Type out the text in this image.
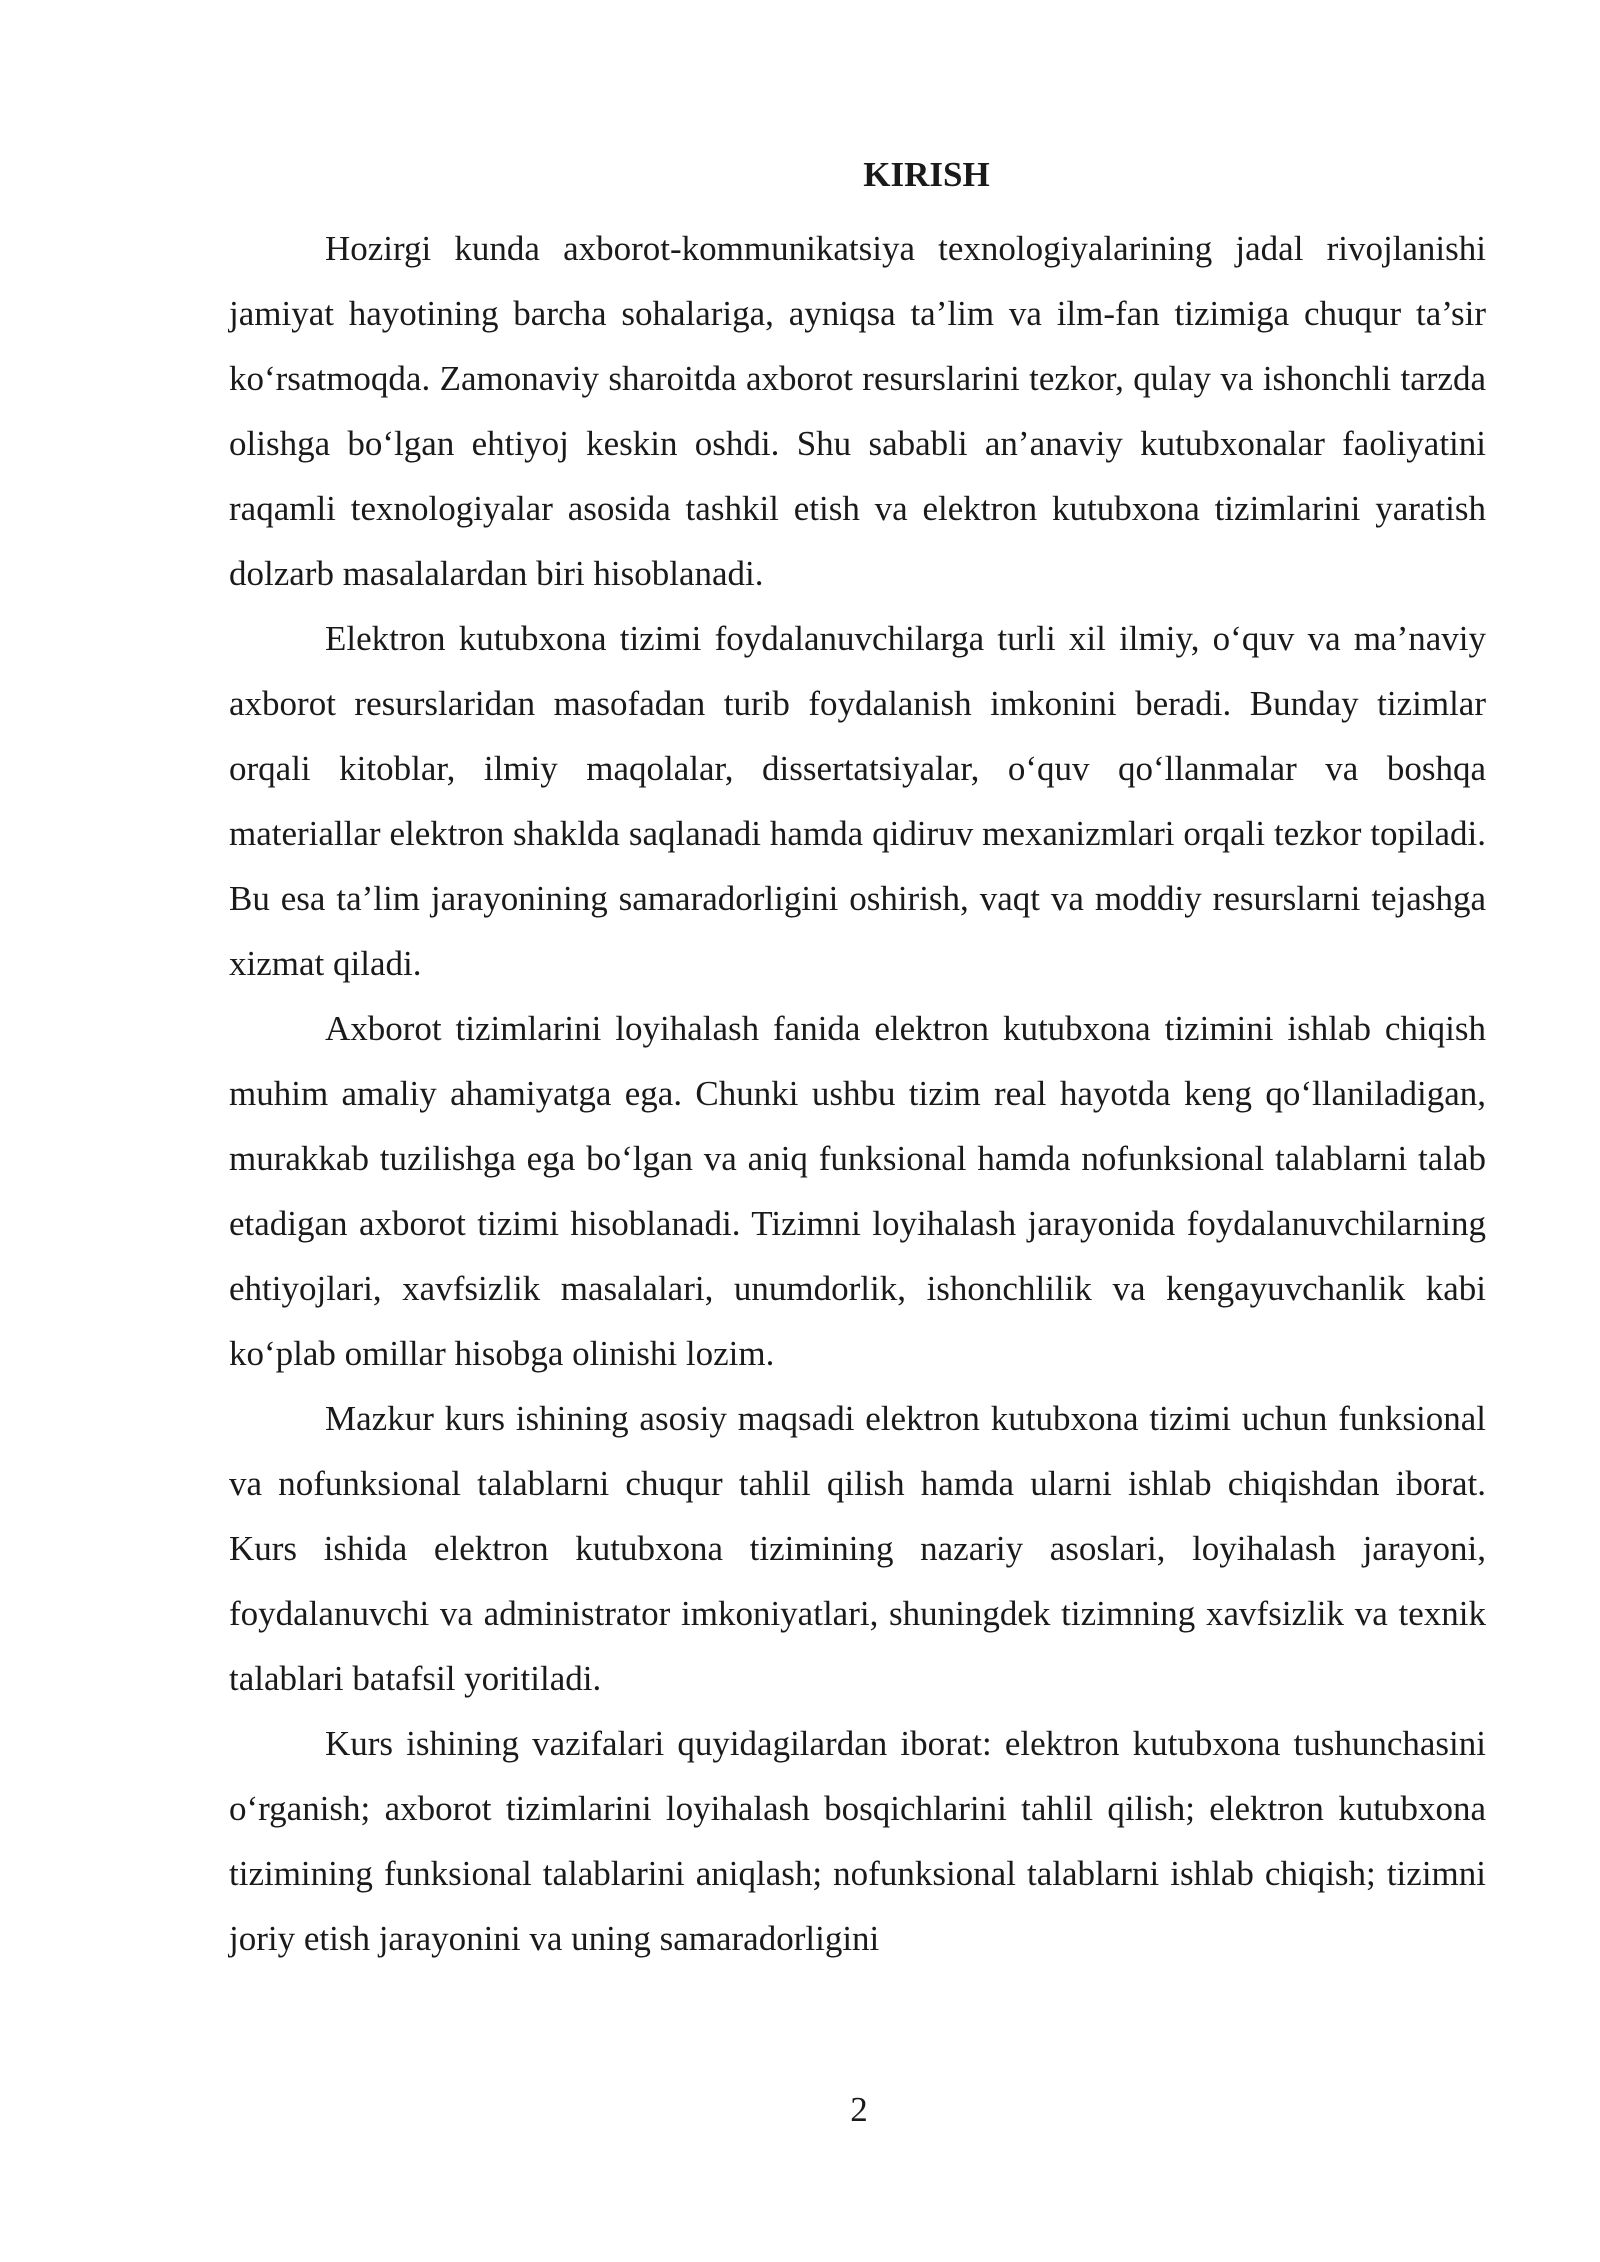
KIRISH

Hozirgi kunda axborot-kommunikatsiya texnologiyalarining jadal rivojlanishi jamiyat hayotining barcha sohalariga, ayniqsa ta’lim va ilm-fan tizimiga chuqur ta’sir ko‘rsatmoqda. Zamonaviy sharoitda axborot resurslarini tezkor, qulay va ishonchli tarzda olishga bo‘lgan ehtiyoj keskin oshdi. Shu sababli an’anaviy kutubxonalar faoliyatini raqamli texnologiyalar asosida tashkil etish va elektron kutubxona tizimlarini yaratish dolzarb masalalardan biri hisoblanadi.

Elektron kutubxona tizimi foydalanuvchilarga turli xil ilmiy, o‘quv va ma’naviy axborot resurslaridan masofadan turib foydalanish imkonini beradi. Bunday tizimlar orqali kitoblar, ilmiy maqolalar, dissertatsiyalar, o‘quv qo‘llanmalar va boshqa materiallar elektron shaklda saqlanadi hamda qidiruv mexanizmlari orqali tezkor topiladi. Bu esa ta’lim jarayonining samaradorligini oshirish, vaqt va moddiy resurslarni tejashga xizmat qiladi.

Axborot tizimlarini loyihalash fanida elektron kutubxona tizimini ishlab chiqish muhim amaliy ahamiyatga ega. Chunki ushbu tizim real hayotda keng qo‘llaniladigan, murakkab tuzilishga ega bo‘lgan va aniq funksional hamda nofunksional talablarni talab etadigan axborot tizimi hisoblanadi. Tizimni loyihalash jarayonida foydalanuvchilarning ehtiyojlari, xavfsizlik masalalari, unumdorlik, ishonchlilik va kengayuvchanlik kabi ko‘plab omillar hisobga olinishi lozim.

Mazkur kurs ishining asosiy maqsadi elektron kutubxona tizimi uchun funksional va nofunksional talablarni chuqur tahlil qilish hamda ularni ishlab chiqishdan iborat. Kurs ishida elektron kutubxona tizimining nazariy asoslari, loyihalash jarayoni, foydalanuvchi va administrator imkoniyatlari, shuningdek tizimning xavfsizlik va texnik talablari batafsil yoritiladi.

Kurs ishining vazifalari quyidagilardan iborat: elektron kutubxona tushunchasini o‘rganish; axborot tizimlarini loyihalash bosqichlarini tahlil qilish; elektron kutubxona tizimining funksional talablarini aniqlash; nofunksional talablarni ishlab chiqish; tizimni joriy etish jarayonini va uning samaradorligini

2
